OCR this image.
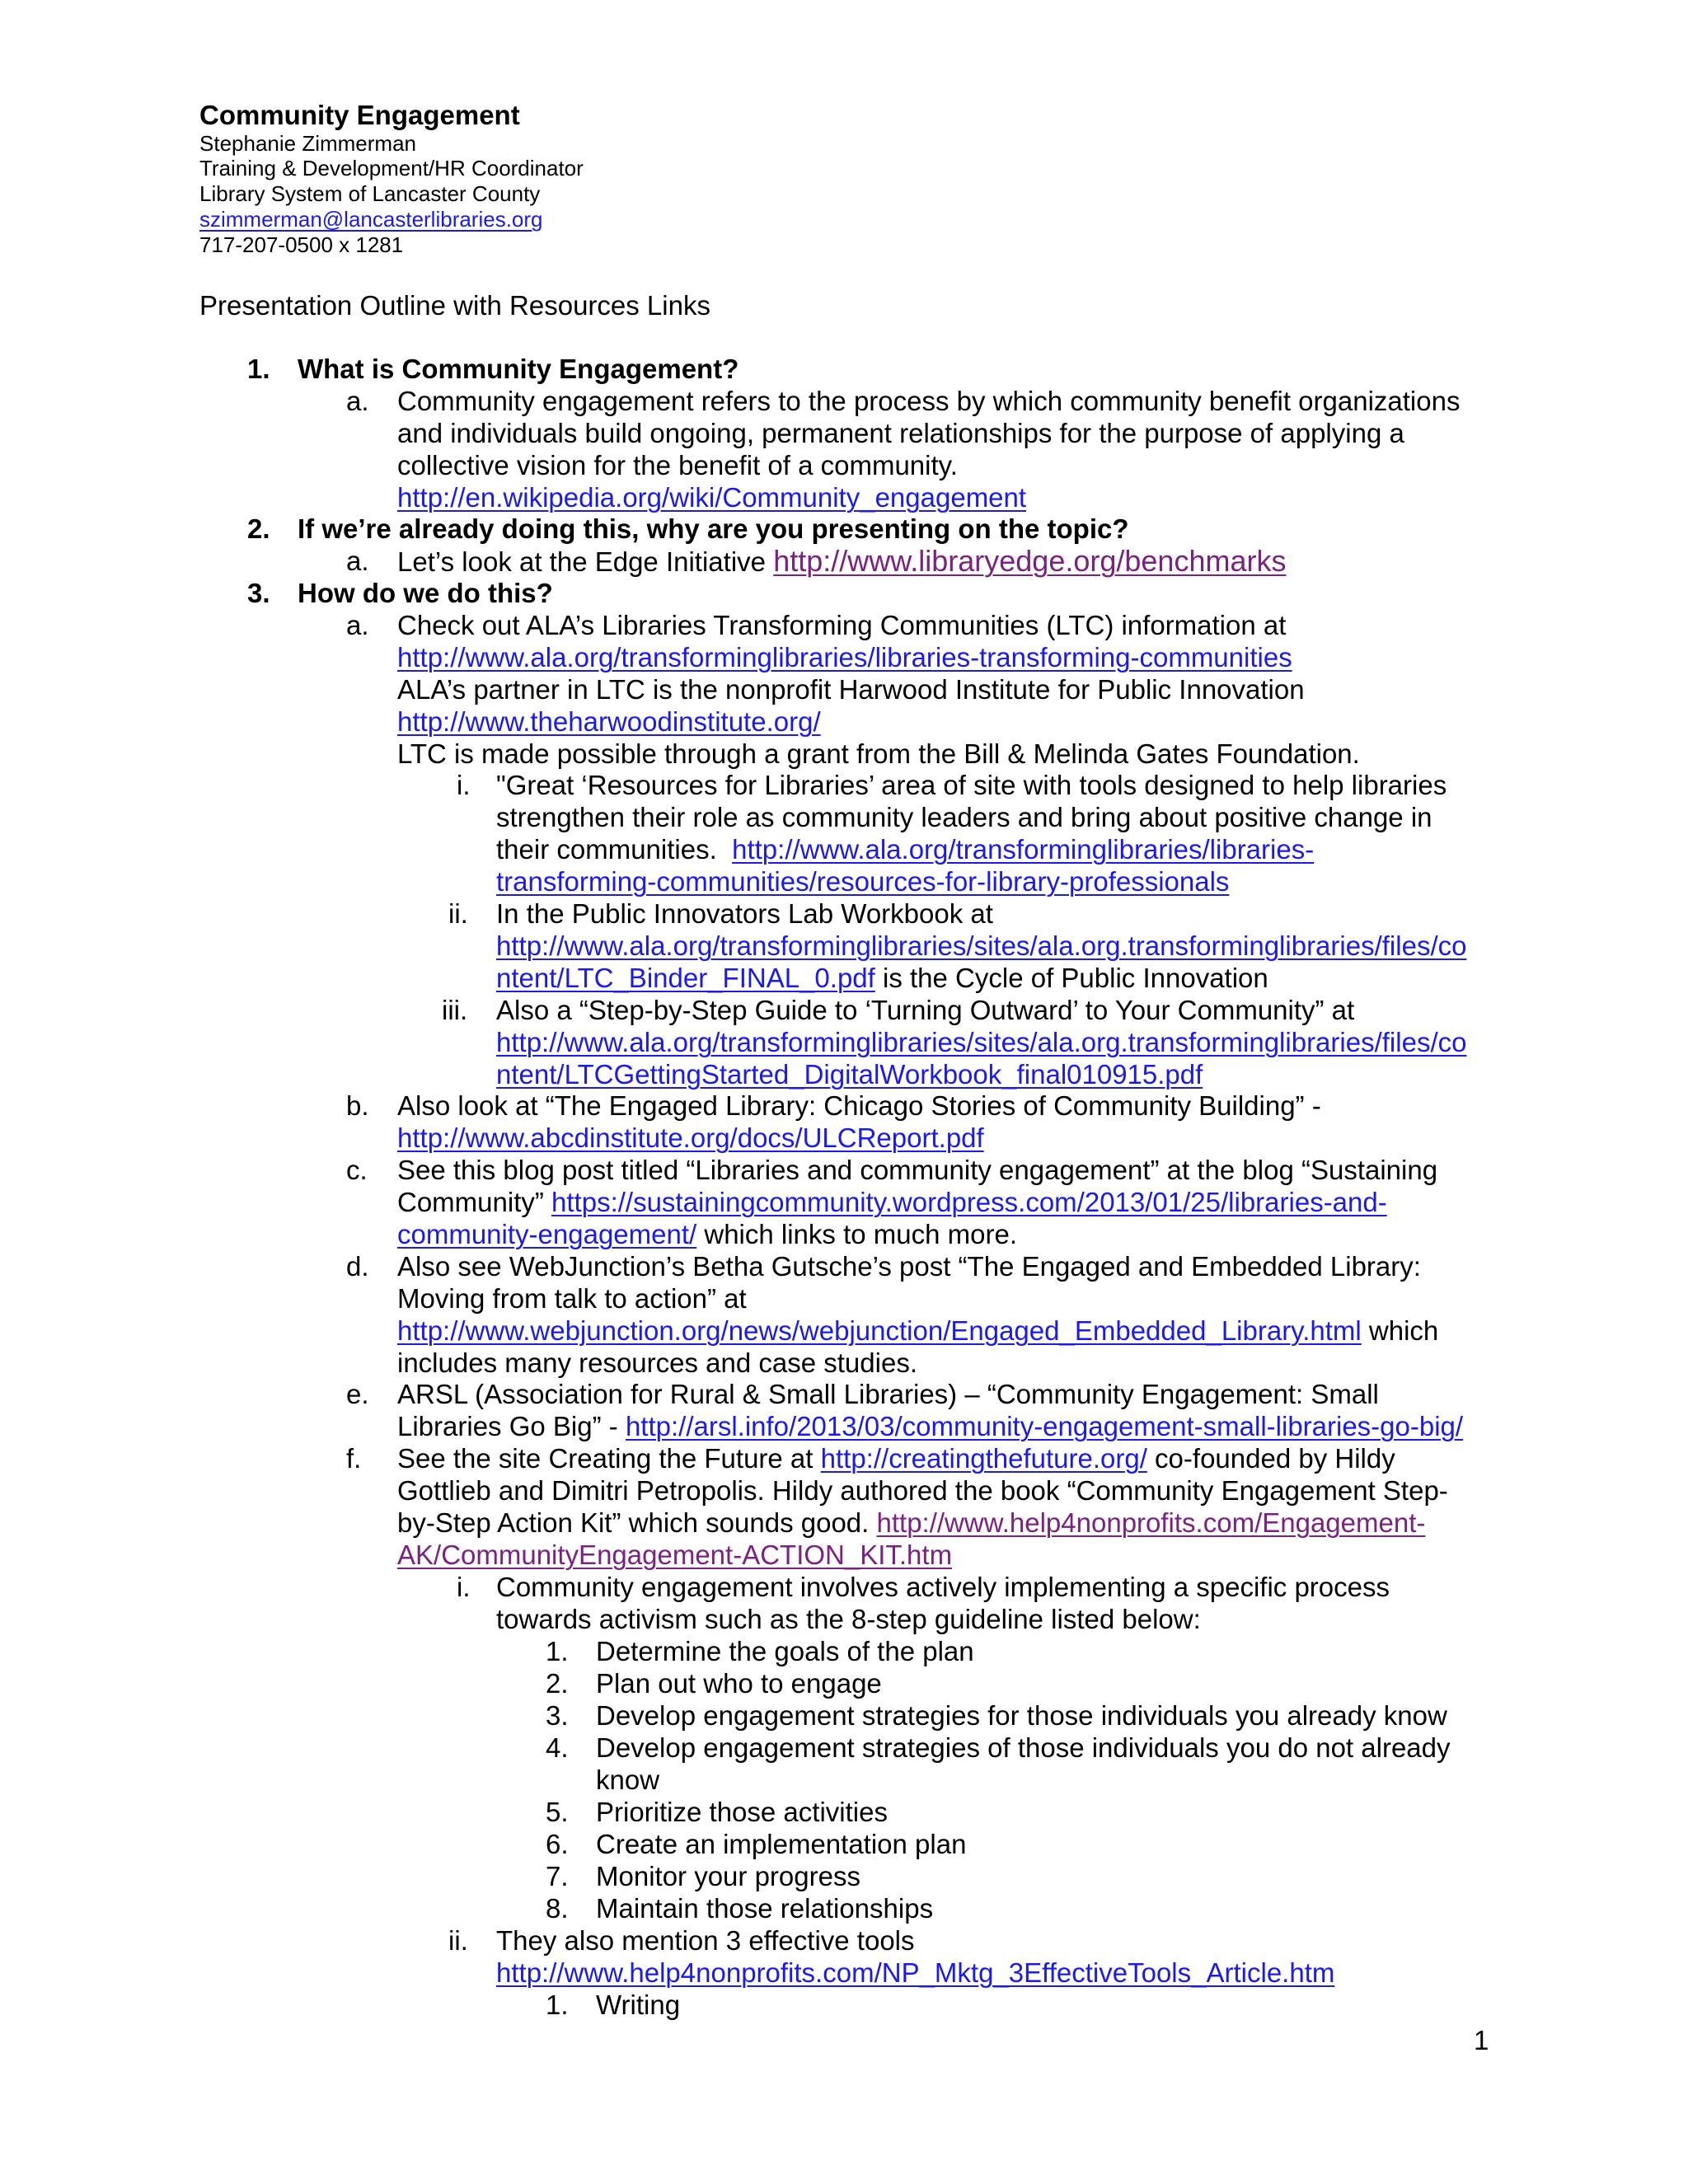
Community Engagement
Stephanie Zimmerman
Training & Development/HR Coordinator
Library System of Lancaster County
szimmerman@lancasterlibraries.org
717-207-0500 x 1281
Presentation Outline with Resources Links
1. What is Community Engagement?
a. Community engagement refers to the process by which community benefit organizations
and individuals build ongoing, permanent relationships for the purpose of applying a
collective vision for the benefit of a community.
http://en.wikipedia.org/wiki/Community_engagement
2. If we’re already doing this, why are you presenting on the topic?
a. Let’s look at the Edge Initiative http://www.libraryedge.org/benchmarks
3. How do we do this?
a. Check out ALA’s Libraries Transforming Communities (LTC) information at
http://www.ala.org/transforminglibraries/libraries-transforming-communities
ALA’s partner in LTC is the nonprofit Harwood Institute for Public Innovation
http://www.theharwoodinstitute.org/
LTC is made possible through a grant from the Bill & Melinda Gates Foundation.
i. "Great ‘Resources for Libraries’ area of site with tools designed to help libraries
strengthen their role as community leaders and bring about positive change in
their communities. http://www.ala.org/transforminglibraries/libraries-
transforming-communities/resources-for-library-professionals
ii. In the Public Innovators Lab Workbook at
http://www.ala.org/transforminglibraries/sites/ala.org.transforminglibraries/files/co
ntent/LTC_Binder_FINAL_0.pdf is the Cycle of Public Innovation
iii. Also a “Step-by-Step Guide to ‘Turning Outward’ to Your Community” at
http://www.ala.org/transforminglibraries/sites/ala.org.transforminglibraries/files/co
ntent/LTCGettingStarted_DigitalWorkbook_final010915.pdf
b. Also look at “The Engaged Library: Chicago Stories of Community Building” -
http://www.abcdinstitute.org/docs/ULCReport.pdf
c. See this blog post titled “Libraries and community engagement” at the blog “Sustaining
Community” https://sustainingcommunity.wordpress.com/2013/01/25/libraries-and-
community-engagement/ which links to much more.
d. Also see WebJunction’s Betha Gutsche’s post “The Engaged and Embedded Library:
Moving from talk to action” at
http://www.webjunction.org/news/webjunction/Engaged_Embedded_Library.html which
includes many resources and case studies.
e. ARSL (Association for Rural & Small Libraries) – “Community Engagement: Small
Libraries Go Big” - http://arsl.info/2013/03/community-engagement-small-libraries-go-big/
f. See the site Creating the Future at http://creatingthefuture.org/ co-founded by Hildy
Gottlieb and Dimitri Petropolis. Hildy authored the book “Community Engagement Step-
by-Step Action Kit” which sounds good. http://www.help4nonprofits.com/Engagement-
AK/CommunityEngagement-ACTION_KIT.htm
i. Community engagement involves actively implementing a specific process
towards activism such as the 8-step guideline listed below:
1. Determine the goals of the plan
2. Plan out who to engage
3. Develop engagement strategies for those individuals you already know
4. Develop engagement strategies of those individuals you do not already
know
5. Prioritize those activities
6. Create an implementation plan
7. Monitor your progress
8. Maintain those relationships
ii. They also mention 3 effective tools
http://www.help4nonprofits.com/NP_Mktg_3EffectiveTools_Article.htm
1. Writing
1
